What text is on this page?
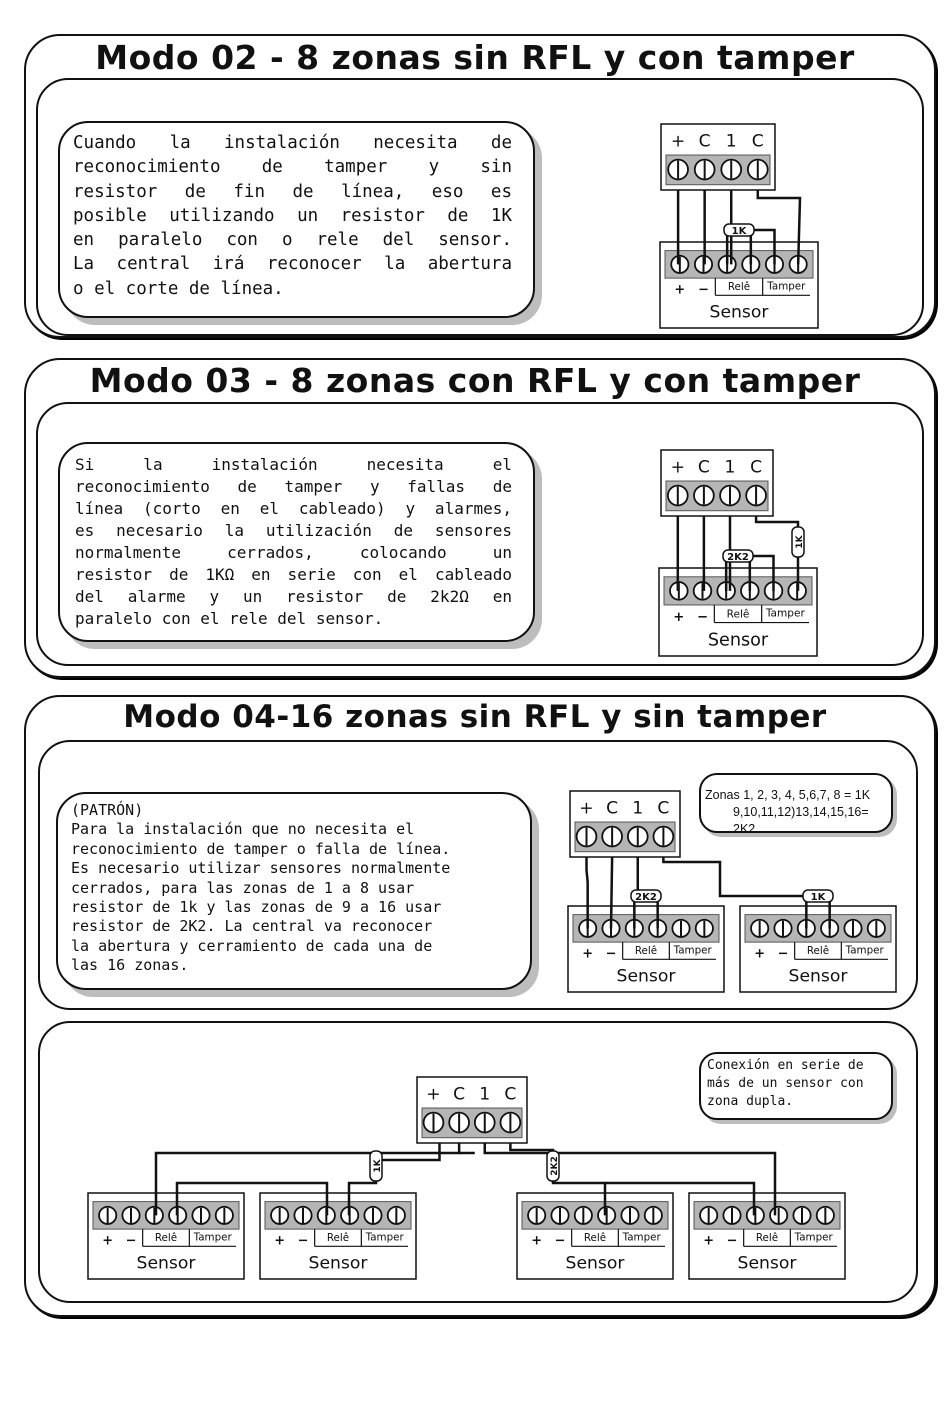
Modo 02 - 8 zonas sin RFL y con tamper
Cuando la instalación necesita de
reconocimiento de tamper y sin
resistor de fin de línea, eso es
posible utilizando un resistor de 1K
en paralelo con o rele del sensor.
La central irá reconocer la abertura
o el corte de línea.
Modo 03 - 8 zonas con RFL y con tamper
Si la instalación necesita el
reconocimiento de tamper y fallas de
línea (corto en el cableado) y alarmes,
es necesario la utilización de sensores
normalmente cerrados, colocando un
resistor de 1KΩ en serie con el cableado
del alarme y un resistor de 2k2Ω en
paralelo con el rele del sensor.
Modo 04-16 zonas sin RFL y sin tamper
(PATRÓN)
Para la instalación que no necesita el
reconocimiento de tamper o falla de línea.
Es necesario utilizar sensores normalmente
cerrados, para las zonas de 1 a 8 usar
resistor de 1k y las zonas de 9 a 16 usar
resistor de 2K2. La central va reconocer
la abertura y cerramiento de cada una de
las 16 zonas.
Zonas 1, 2, 3, 4, 5,6,7, 8 = 1K
9,10,11,12)13,14,15,16= 2K2
Conexión en serie de
más de un sensor con
zona dupla.
+ C 1 C
+ − Relê Tamper
Sensor
1K
+ C 1 C
+ − Relê Tamper
Sensor
2K2
1K
+ C 1 C
+ − Relê Tamper
Sensor
+ − Relê Tamper
Sensor
2K2	1K
+ C 1 C
+ − Relê Tamper
Sensor
+ − Relê Tamper
Sensor
+ − Relê Tamper
Sensor
+ − Relê Tamper
Sensor
1K	2K2
